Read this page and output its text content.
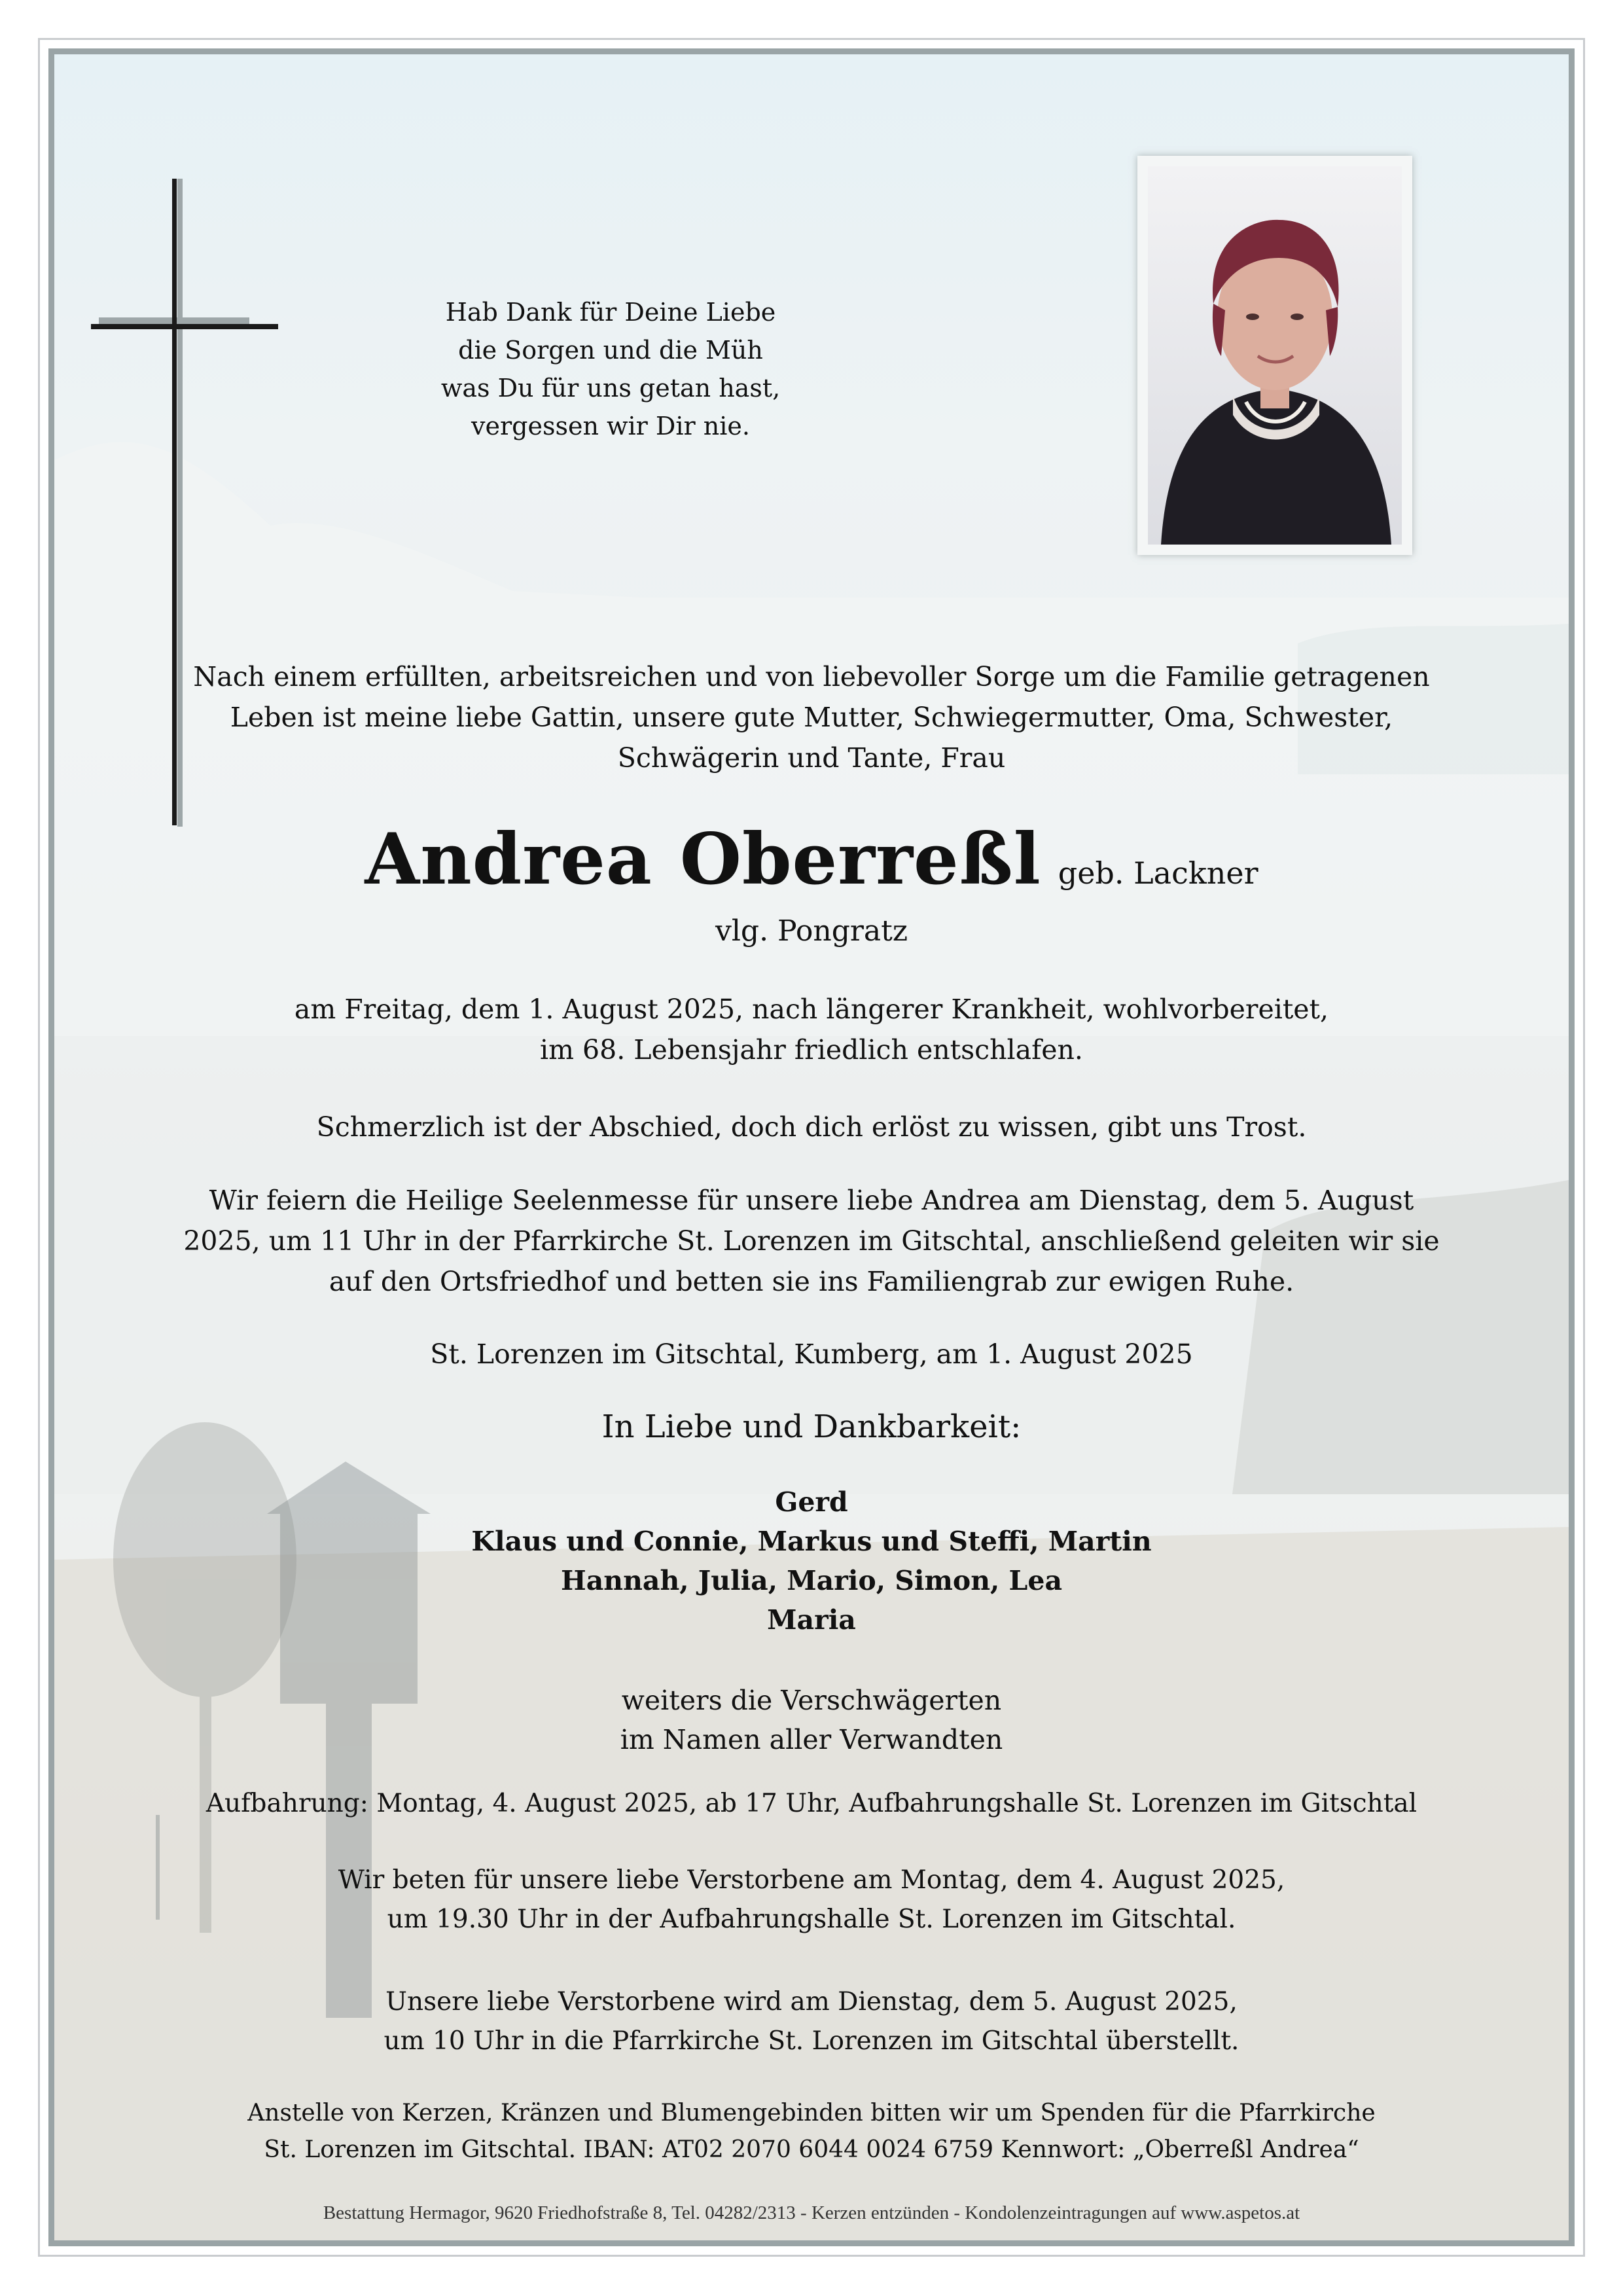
Hab Dank für Deine Liebe
die Sorgen und die Müh
was Du für uns getan hast,
vergessen wir Dir nie.
Nach einem erfüllten, arbeitsreichen und von liebevoller Sorge um die Familie getragenen
Leben ist meine liebe Gattin, unsere gute Mutter, Schwiegermutter, Oma, Schwester,
Schwägerin und Tante, Frau
Andrea Oberreßl geb. Lackner
vlg. Pongratz
am Freitag, dem 1. August 2025, nach längerer Krankheit, wohlvorbereitet,
im 68. Lebensjahr friedlich entschlafen.
Schmerzlich ist der Abschied, doch dich erlöst zu wissen, gibt uns Trost.
Wir feiern die Heilige Seelenmesse für unsere liebe Andrea am Dienstag, dem 5. August
2025, um 11 Uhr in der Pfarrkirche St. Lorenzen im Gitschtal, anschließend geleiten wir sie
auf den Ortsfriedhof und betten sie ins Familiengrab zur ewigen Ruhe.
St. Lorenzen im Gitschtal, Kumberg, am 1. August 2025
In Liebe und Dankbarkeit:
Gerd
Klaus und Connie, Markus und Steffi, Martin
Hannah, Julia, Mario, Simon, Lea
Maria
weiters die Verschwägerten
im Namen aller Verwandten
Aufbahrung: Montag, 4. August 2025, ab 17 Uhr, Aufbahrungshalle St. Lorenzen im Gitschtal
Wir beten für unsere liebe Verstorbene am Montag, dem 4. August 2025,
um 19.30 Uhr in der Aufbahrungshalle St. Lorenzen im Gitschtal.
Unsere liebe Verstorbene wird am Dienstag, dem 5. August 2025,
um 10 Uhr in die Pfarrkirche St. Lorenzen im Gitschtal überstellt.
Anstelle von Kerzen, Kränzen und Blumengebinden bitten wir um Spenden für die Pfarrkirche
St. Lorenzen im Gitschtal. IBAN: AT02 2070 6044 0024 6759 Kennwort: „Oberreßl Andrea“
Bestattung Hermagor, 9620 Friedhofstraße 8, Tel. 04282/2313 - Kerzen entzünden - Kondolenzeintragungen auf www.aspetos.at
